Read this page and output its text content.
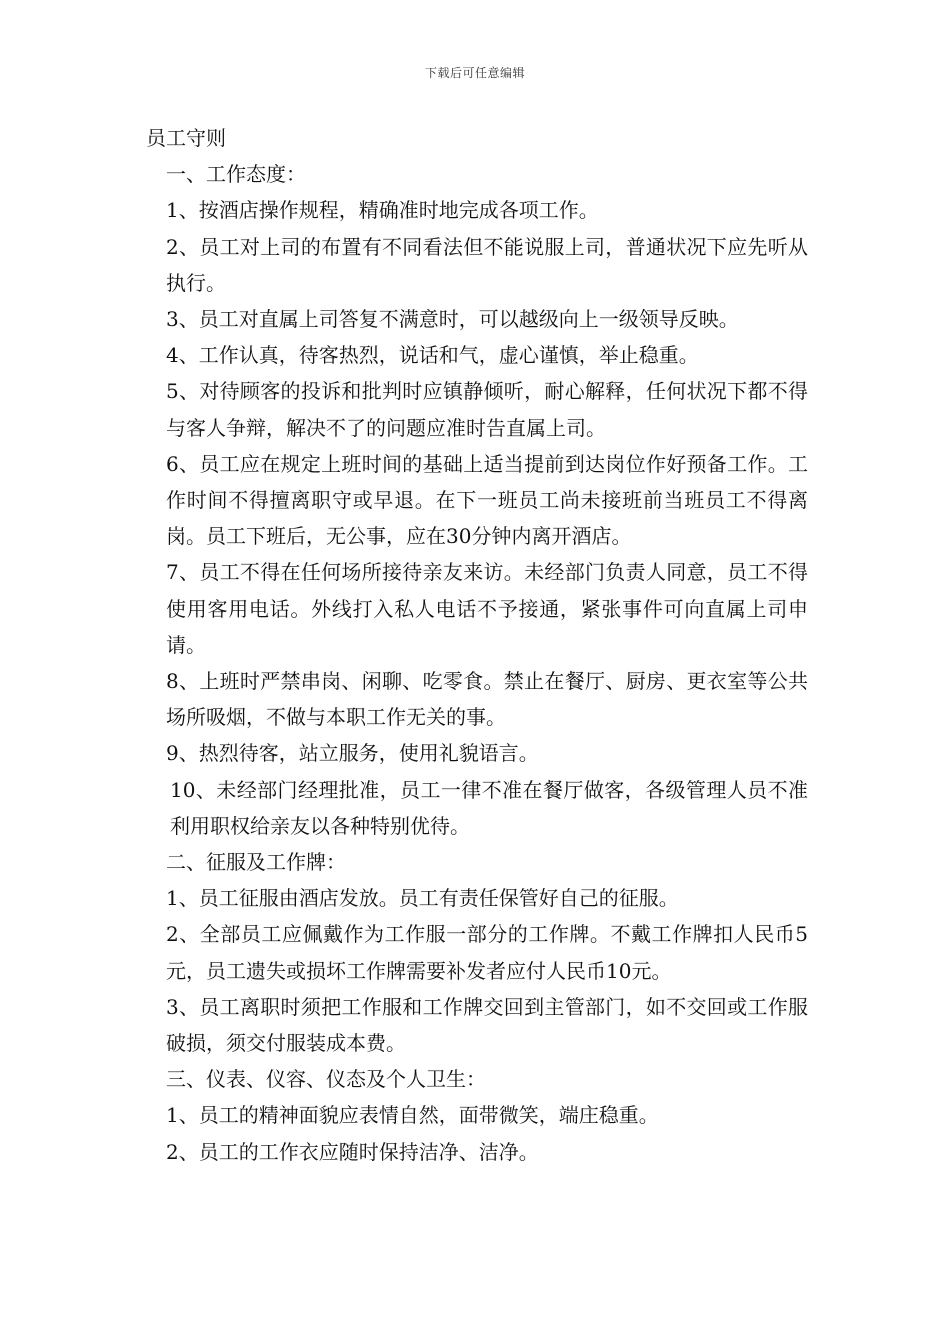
下载后可任意编辑

员工守则

一、工作态度：

1、按酒店操作规程，精确准时地完成各项工作。

2、员工对上司的布置有不同看法但不能说服上司，普通状况下应先听从执行。

3、员工对直属上司答复不满意时，可以越级向上一级领导反映。

4、工作认真，待客热烈，说话和气，虚心谨慎，举止稳重。

5、对待顾客的投诉和批判时应镇静倾听，耐心解释，任何状况下都不得与客人争辩，解决不了的问题应准时告直属上司。

6、员工应在规定上班时间的基础上适当提前到达岗位作好预备工作。工作时间不得擅离职守或早退。在下一班员工尚未接班前当班员工不得离岗。员工下班后，无公事，应在30分钟内离开酒店。

7、员工不得在任何场所接待亲友来访。未经部门负责人同意，员工不得使用客用电话。外线打入私人电话不予接通，紧张事件可向直属上司申请。

8、上班时严禁串岗、闲聊、吃零食。禁止在餐厅、厨房、更衣室等公共场所吸烟，不做与本职工作无关的事。

9、热烈待客，站立服务，使用礼貌语言。

10、未经部门经理批准，员工一律不准在餐厅做客，各级管理人员不准利用职权给亲友以各种特别优待。

二、征服及工作牌：

1、员工征服由酒店发放。员工有责任保管好自己的征服。

2、全部员工应佩戴作为工作服一部分的工作牌。不戴工作牌扣人民币5元，员工遗失或损坏工作牌需要补发者应付人民币10元。

3、员工离职时须把工作服和工作牌交回到主管部门，如不交回或工作服破损，须交付服装成本费。

三、仪表、仪容、仪态及个人卫生：

1、员工的精神面貌应表情自然，面带微笑，端庄稳重。

2、员工的工作衣应随时保持洁净、洁净。
